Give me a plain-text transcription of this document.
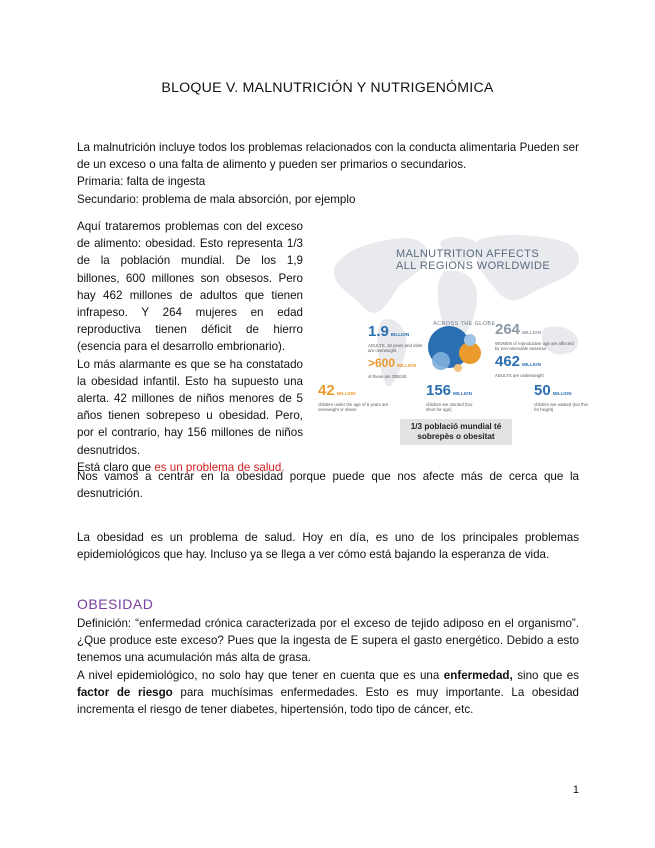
BLOQUE V. MALNUTRICIÓN Y NUTRIGENÓMICA

La malnutrición incluye todos los problemas relacionados con la conducta alimentaria Pueden ser de un exceso o una falta de alimento y pueden ser primarios o secundarios.

Primaria: falta de ingesta

Secundario: problema de mala absorción, por ejemplo

Aquí trataremos problemas con del exceso de alimento: obesidad. Esto representa 1/3 de la población mundial. De los 1,9 billones, 600 millones son obsesos. Pero hay 462 millones de adultos que tienen infrapeso. Y 264 mujeres en edad reproductiva tienen déficit de hierro (esencia para el desarrollo embrionario).

Lo más alarmante es que se ha constatado la obesidad infantil. Esto ha supuesto una alerta. 42 millones de niños menores de 5 años tienen sobrepeso u obesidad. Pero, por el contrario, hay 156 millones de niños desnutridos.

Está claro que es un problema de salud.

MALNUTRITION AFFECTS
ALL REGIONS WORLDWIDE
ACROSS THE GLOBE
1.9 BILLION
ADULTS, 18 years and older, are overweight
>600 MILLION
of these are OBESE
264 MILLION
WOMEN of reproductive age are affected by iron-amenable anaemia
462 MILLION
ADULTS are underweight
42 MILLION
children under the age of 5 years are overweight or obese
156 MILLION
children are stunted (too short for age)
50 MILLION
children are wasted (too thin for height)
1/3 població mundial té
sobrepès o obesitat

Nos vamos a centrar en la obesidad porque puede que nos afecte más de cerca que la desnutrición.

La obesidad es un problema de salud. Hoy en día, es uno de los principales problemas epidemiológicos que hay. Incluso ya se llega a ver cómo está bajando la esperanza de vida.

OBESIDAD

Definición: “enfermedad crónica caracterizada por el exceso de tejido adiposo en el organismo”. ¿Que produce este exceso? Pues que la ingesta de E supera el gasto energético. Debido a esto tenemos una acumulación más alta de grasa.

A nivel epidemiológico, no solo hay que tener en cuenta que es una enfermedad, sino que es factor de riesgo para muchísimas enfermedades. Esto es muy importante. La obesidad incrementa el riesgo de tener diabetes, hipertensión, todo tipo de cáncer, etc.

1
